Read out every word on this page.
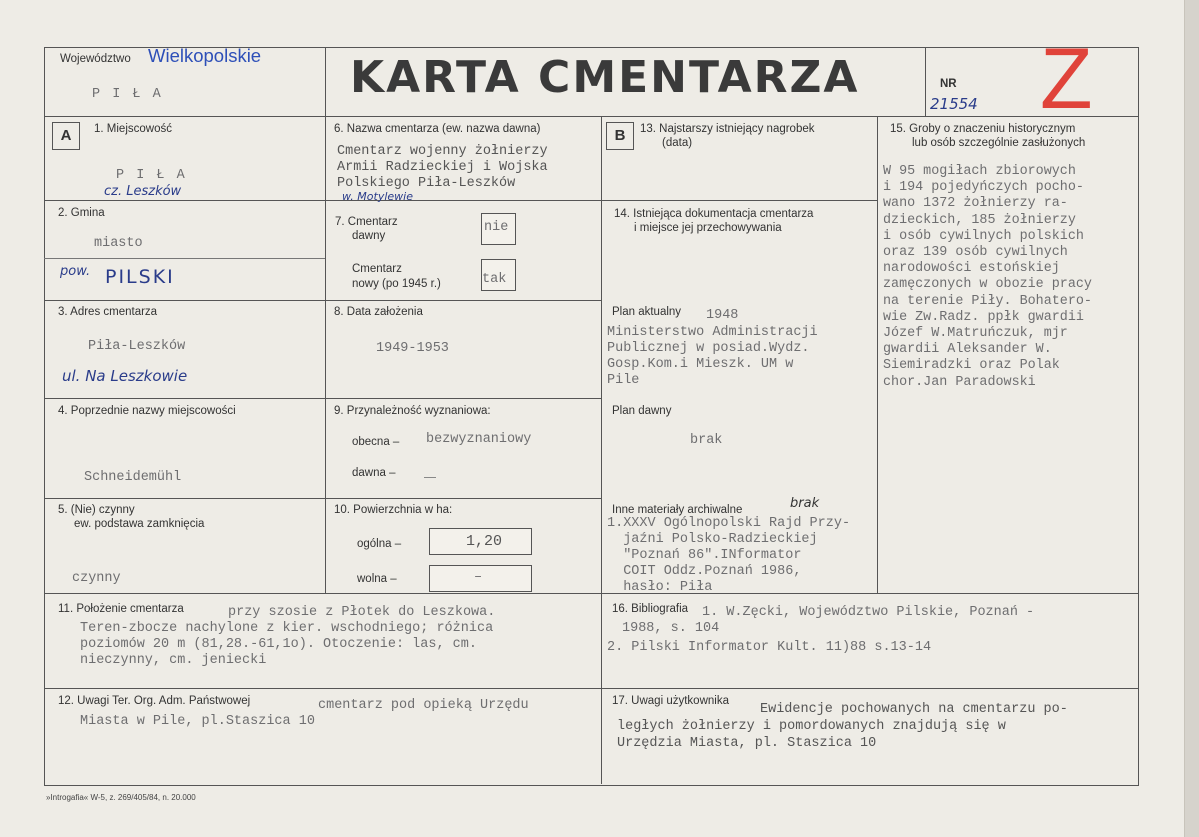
Województwo Wielkopolskie
P I Ł A	KARTA CMENTARZA	NR
21554 Z
A	B
1. Miejscowość
P I Ł A
cz. Leszków
2. Gmina
miasto
pow. PILSKI
3. Adres cmentarza
Piła-Leszków
ul. Na Leszkowie
4. Poprzednie nazwy miejscowości
Schneidemühl
5. (Nie) czynny
ew. podstawa zamknięcia
czynny
6. Nazwa cmentarza (ew. nazwa dawna)
Cmentarz wojenny żołnierzy
Armii Radzieckiej i Wojska
Polskiego Piła-Leszków
w. Motylewie
7. Cmentarz
dawny
nie
Cmentarz
nowy (po 1945 r.)	tak
8. Data założenia
1949-1953
9. Przynależność wyznaniowa:
obecna – bezwyznaniowy
dawna –
10. Powierzchnia w ha:
ogólna –	1,20
wolna –	–
13. Najstarszy istniejący nagrobek
(data)
14. Istniejąca dokumentacja cmentarza
i miejsce jej przechowywania
Plan aktualny 1948
Ministerstwo Administracji
Publicznej w posiad.Wydz.
Gosp.Kom.i Mieszk. UM w
Pile
Plan dawny
brak
Inne materiały archiwalne	brak
1.XXXV Ogólnopolski Rajd Przy-
jaźni Polsko-Radzieckiej
"Poznań 86".INformator
COIT Oddz.Poznań 1986,
hasło: Piła
15. Groby o znaczeniu historycznym
lub osób szczególnie zasłużonych
W 95 mogiłach zbiorowych
i 194 pojedyńczych pocho-
wano 1372 żołnierzy ra-
dzieckich, 185 żołnierzy
i osób cywilnych polskich
oraz 139 osób cywilnych
narodowości estońskiej
zamęczonych w obozie pracy
na terenie Piły. Bohatero-
wie Zw.Radz. ppłk gwardii
Józef W.Matruńczuk, mjr
gwardii Aleksander W.
Siemiradzki oraz Polak
chor.Jan Paradowski
11. Położenie cmentarza	przy szosie z Płotek do Leszkowa.
Teren-zbocze nachylone z kier. wschodniego; różnica
poziomów 20 m (81,28.-61,1o). Otoczenie: las, cm.
nieczynny, cm. jeniecki
16. Bibliografia 1. W.Zęcki, Województwo Pilskie, Poznań -
1988, s. 104
2. Pilski Informator Kult. 11)88 s.13-14
12. Uwagi Ter. Org. Adm. Państwowej	cmentarz pod opieką Urzędu
Miasta w Pile, pl.Staszica 10
17. Uwagi użytkownika
Ewidencje pochowanych na cmentarzu po-
ległych żołnierzy i pomordowanych znajdują się w
Urzędzia Miasta, pl. Staszica 10
»Introgafia« W-5, z. 269/405/84, n. 20.000
